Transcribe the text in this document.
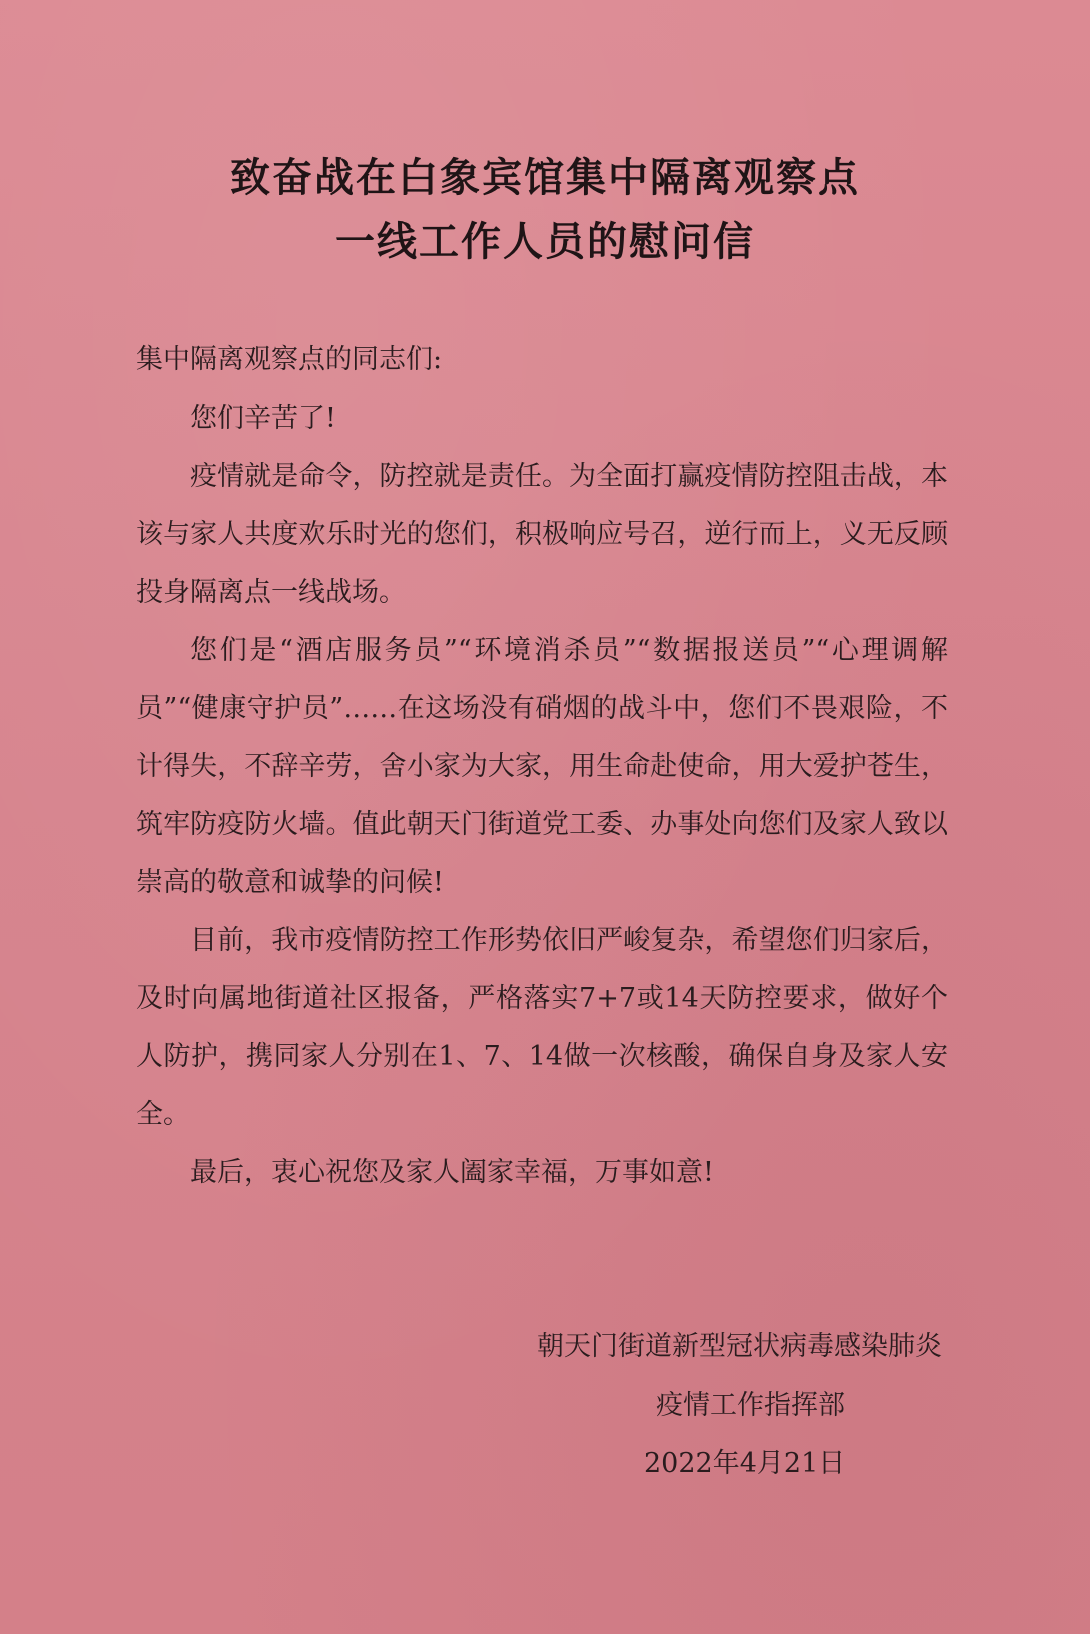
致奋战在白象宾馆集中隔离观察点
一线工作人员的慰问信
集中隔离观察点的同志们:

您们辛苦了!

疫情就是命令，防控就是责任。为全面打赢疫情防控阻击战，本该与家人共度欢乐时光的您们，积极响应号召，逆行而上，义无反顾投身隔离点一线战场。

您们是“酒店服务员”“环境消杀员”“数据报送员”“心理调解员”“健康守护员”……在这场没有硝烟的战斗中，您们不畏艰险，不计得失，不辞辛劳，舍小家为大家，用生命赴使命，用大爱护苍生，筑牢防疫防火墙。值此朝天门街道党工委、办事处向您们及家人致以崇高的敬意和诚挚的问候!

目前，我市疫情防控工作形势依旧严峻复杂，希望您们归家后，及时向属地街道社区报备，严格落实7+7或14天防控要求，做好个人防护，携同家人分别在1、7、14做一次核酸，确保自身及家人安全。

最后，衷心祝您及家人阖家幸福，万事如意!

朝天门街道新型冠状病毒感染肺炎
疫情工作指挥部
2022年4月21日
